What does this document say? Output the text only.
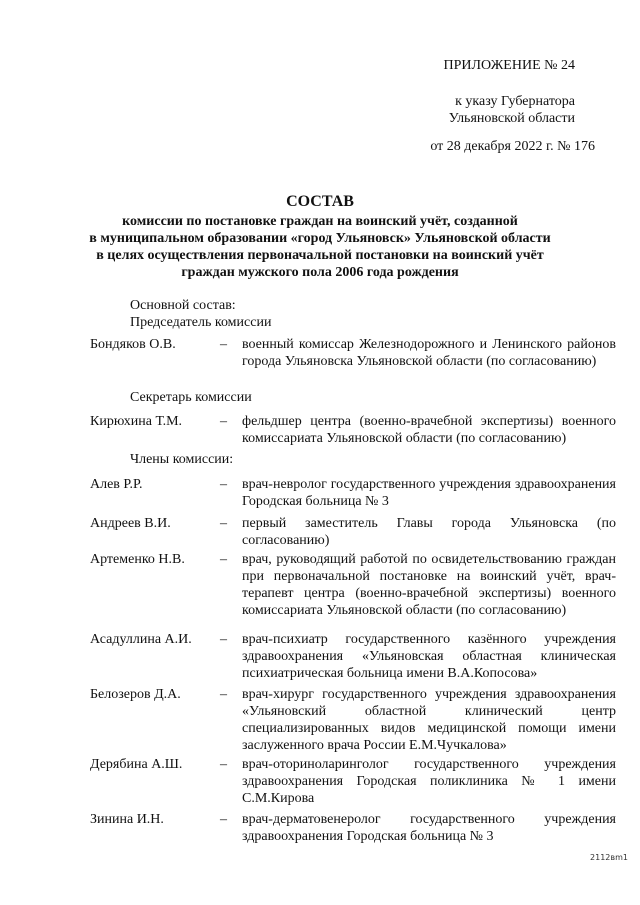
ПРИЛОЖЕНИЕ № 24
к указу Губернатора
Ульяновской области
от 28 декабря 2022 г. № 176
СОСТАВ
комиссии по постановке граждан на воинский учёт, созданной
в муниципальном образовании «город Ульяновск» Ульяновской области
в целях осуществления первоначальной постановки на воинский учёт
граждан мужского пола 2006 года рождения
Основной состав:
Председатель комиссии
Бондяков О.В.	–	военный комиссар Железнодорожного и Ленинского районов города Ульяновска Ульяновской области (по согласованию)
Секретарь комиссии
Кирюхина Т.М.	–	фельдшер центра (военно-врачебной экспертизы) военного комиссариата Ульяновской области (по согласованию)
Члены комиссии:
Алев Р.Р.	–	врач-невролог государственного учреждения здравоохранения Городская больница № 3
Андреев В.И.	–	первый заместитель Главы города Ульяновска (по согласованию)
Артеменко Н.В.	–	врач, руководящий работой по освидетельствованию граждан при первоначальной постановке на воинский учёт, врач-терапевт центра (военно-врачебной экспертизы) военного комиссариата Ульяновской области (по согласованию)
Асадуллина А.И.	–	врач-психиатр государственного казённого учреждения здравоохранения «Ульяновская областная клиническая психиатрическая больница имени В.А.Копосова»
Белозеров Д.А.	–	врач-хирург государственного учреждения здравоохранения «Ульяновский областной клинический центр специализированных видов медицинской помощи имени заслуженного врача России Е.М.Чучкалова»
Дерябина А.Ш.	–	врач-оториноларинголог государственного учреждения здравоохранения Городская поликлиника № 1 имени С.М.Кирова
Зинина И.Н.	–	врач-дерматовенеролог государственного учреждения здравоохранения Городская больница № 3
2112вm1
